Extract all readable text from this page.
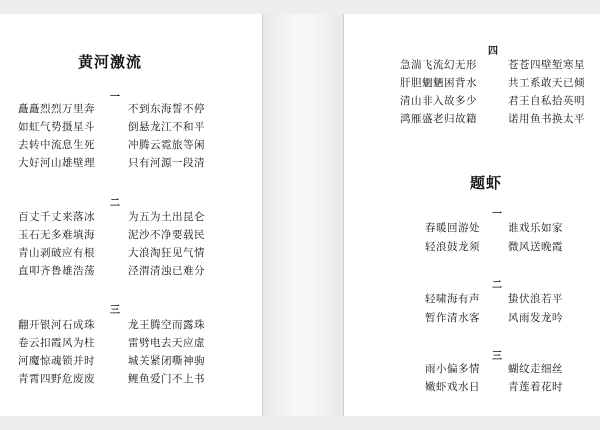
黄河激流
一
矗矗烈烈万里奔	不到东海誓不停
如虹气势摄星斗	倒悬龙江不和平
去转中流息生死	冲腾云霓旅等闲
大好河山雄壁理	只有河源一段清
二
百丈千丈来落冰	为五为土出昆仑
玉石无多难填海	泥沙不净要载民
青山剥破应有根	大浪淘狂见气情
直叩齐鲁雄浩荡	泾渭清浊已难分
三
翻开银河石成珠	龙王腾空而露珠
卷云扣霞风为柱	雷劈电去天应虚
河魔惊魂锁并时	城关紧闭嘶神驹
青霄四野危废废	鲤鱼爱门不上书
四
急湍飞流幻无形	苍苍四壁堑寒星
肝胆魍魉困背水	共工系敢天已倾
清山非入故多少	君王自私拾英明
鸿雁盛老归故籍	诺用鱼书换太平
题虾
一
春暖回游处	谁戏乐如家
轻浪鼓龙须	微风送晚霞
二
轻啸海有声	蛰伏浪若平
暂作清水客	风雨发龙吟
三
雨小偏多情	蝴纹走细丝
嫩虾戏水日	青莲着花时
